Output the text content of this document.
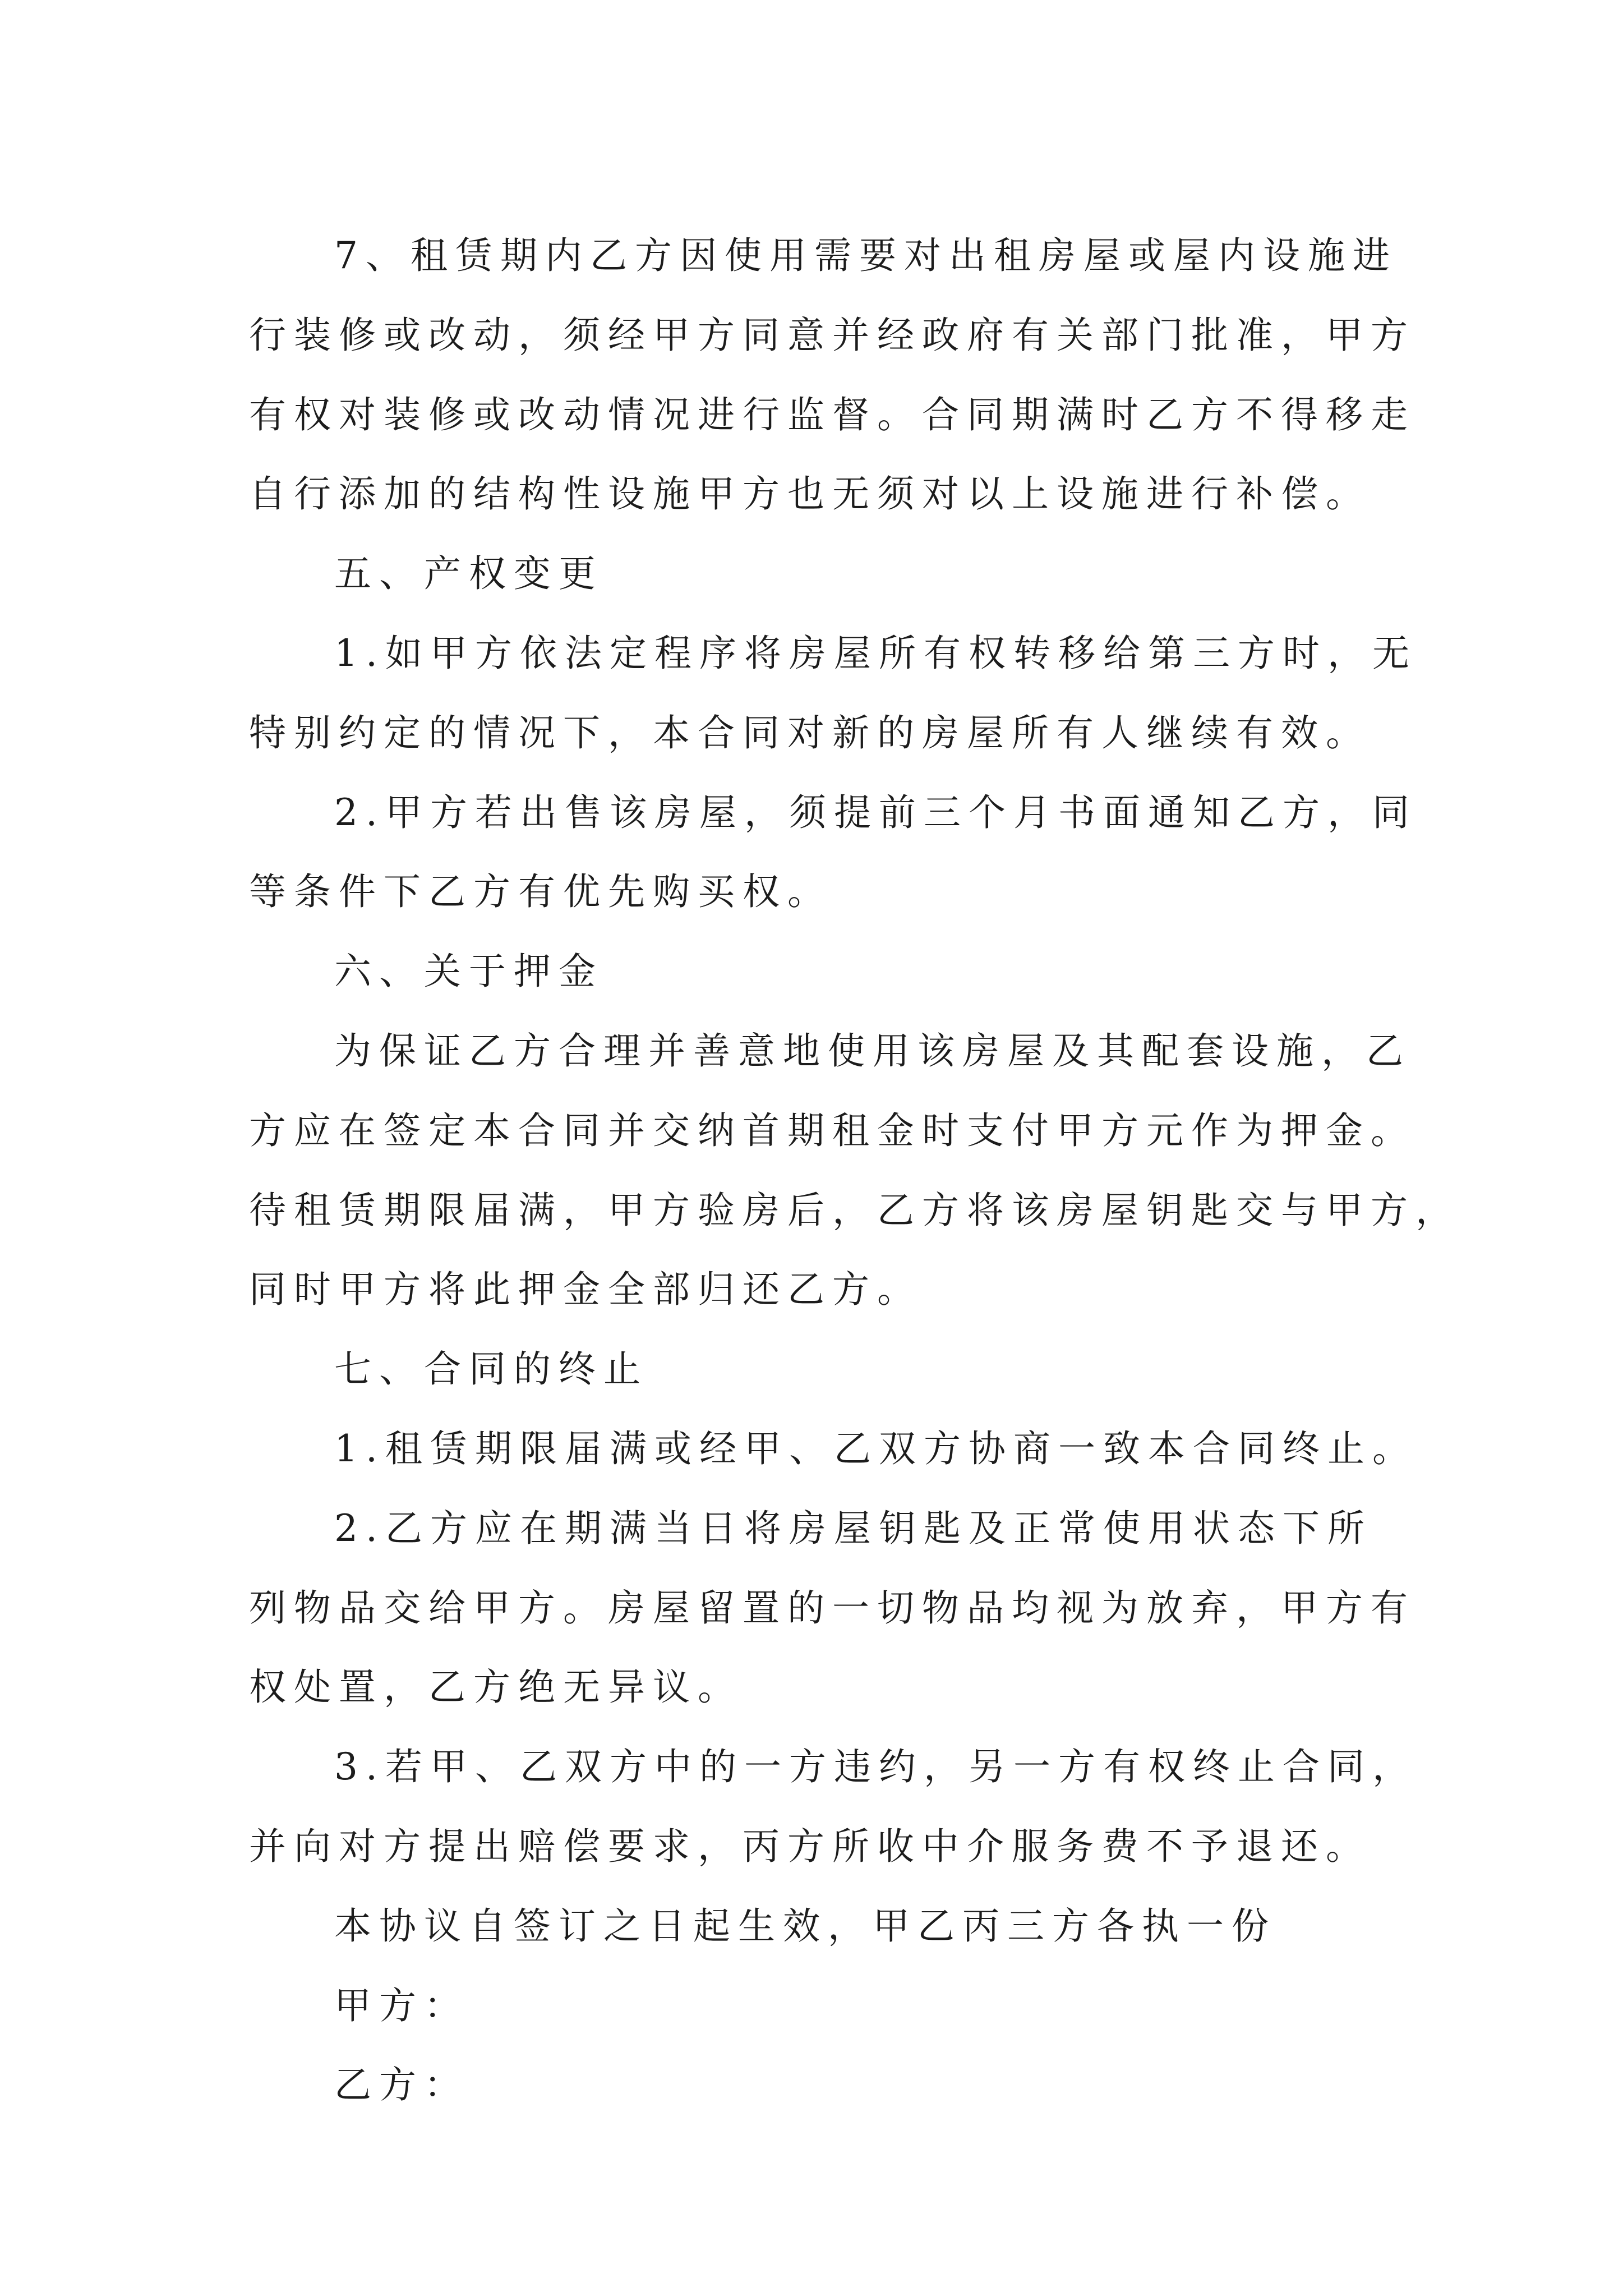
7、租赁期内乙方因使用需要对出租房屋或屋内设施进
行装修或改动，须经甲方同意并经政府有关部门批准，甲方
有权对装修或改动情况进行监督。合同期满时乙方不得移走
自行添加的结构性设施甲方也无须对以上设施进行补偿。
五、产权变更
1.如甲方依法定程序将房屋所有权转移给第三方时，无
特别约定的情况下，本合同对新的房屋所有人继续有效。
2.甲方若出售该房屋，须提前三个月书面通知乙方，同
等条件下乙方有优先购买权。
六、关于押金
为保证乙方合理并善意地使用该房屋及其配套设施，乙
方应在签定本合同并交纳首期租金时支付甲方元作为押金。
待租赁期限届满，甲方验房后，乙方将该房屋钥匙交与甲方，
同时甲方将此押金全部归还乙方。
七、合同的终止
1.租赁期限届满或经甲、乙双方协商一致本合同终止。
2.乙方应在期满当日将房屋钥匙及正常使用状态下所
列物品交给甲方。房屋留置的一切物品均视为放弃，甲方有
权处置，乙方绝无异议。
3.若甲、乙双方中的一方违约，另一方有权终止合同，
并向对方提出赔偿要求，丙方所收中介服务费不予退还。
本协议自签订之日起生效，甲乙丙三方各执一份
甲方：
乙方：
